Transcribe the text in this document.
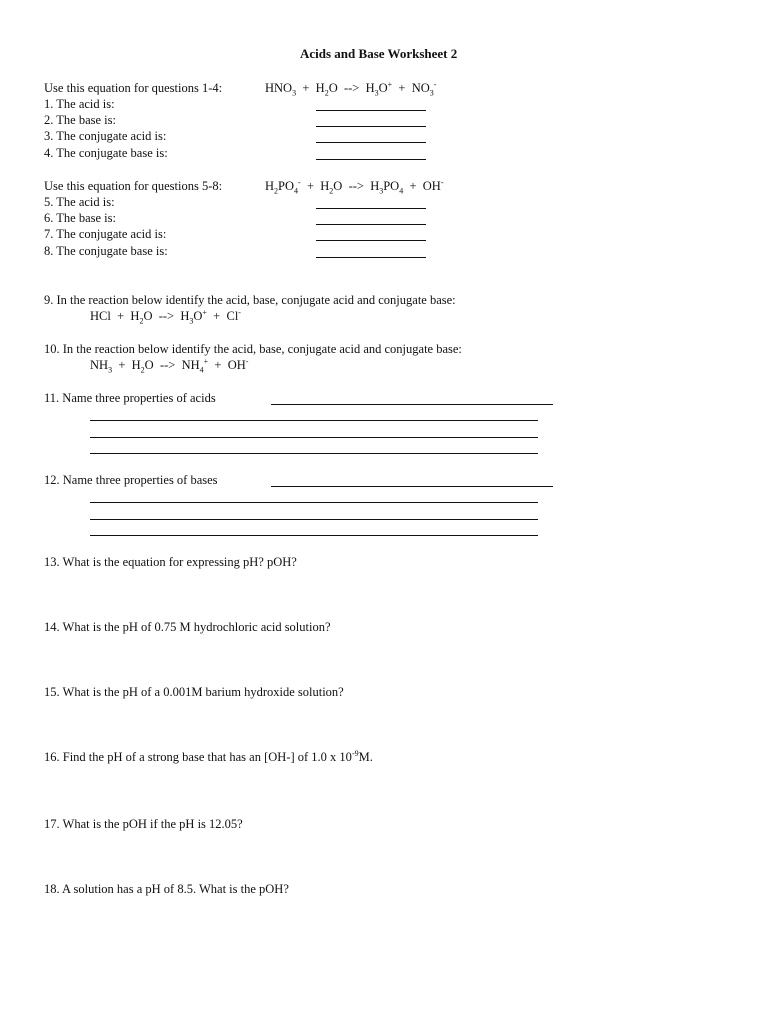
Acids and Base Worksheet 2
Use this equation for questions 1-4:	$HNO_3 + H_2O$ --> $H_3O^+ + NO_3^-$
1. The acid is:
2. The base is:
3. The conjugate acid is:
4. The conjugate base is:
Use this equation for questions 5-8:	$H_2PO_4^- + H_2O$ --> $H_3PO_4 + OH^-$
5. The acid is:
6. The base is:
7. The conjugate acid is:
8. The conjugate base is:
9. In the reaction below identify the acid, base, conjugate acid and conjugate base:
HCl + $H_2O$ --> $H_3O^+ + Cl^-$
10. In the reaction below identify the acid, base, conjugate acid and conjugate base:
$NH_3 + H_2O$ --> $NH_4^+ + OH^-$
11. Name three properties of acids
12. Name three properties of bases
13. What is the equation for expressing pH? pOH?
14. What is the pH of 0.75 M hydrochloric acid solution?
15. What is the pH of a 0.001M barium hydroxide solution?
16. Find the pH of a strong base that has an [OH-] of 1.0 x $10^{-9}M$.
17. What is the pOH if the pH is 12.05?
18. A solution has a pH of 8.5. What is the pOH?
